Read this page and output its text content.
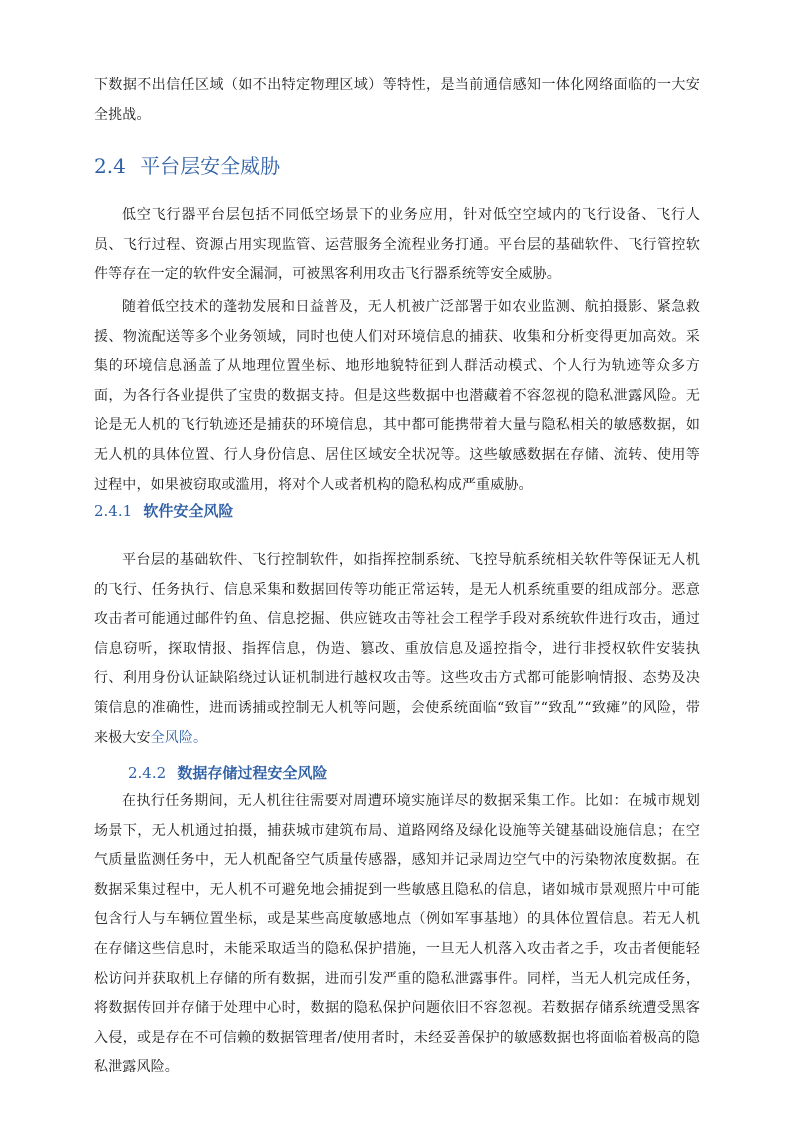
下数据不出信任区域（如不出特定物理区域）等特性，是当前通信感知一体化网络面临的一大安全挑战。

2.4 平台层安全威胁

低空飞行器平台层包括不同低空场景下的业务应用，针对低空空域内的飞行设备、飞行人员、飞行过程、资源占用实现监管、运营服务全流程业务打通。平台层的基础软件、飞行管控软件等存在一定的软件安全漏洞，可被黑客利用攻击飞行器系统等安全威胁。

随着低空技术的蓬勃发展和日益普及，无人机被广泛部署于如农业监测、航拍摄影、紧急救援、物流配送等多个业务领域，同时也使人们对环境信息的捕获、收集和分析变得更加高效。采集的环境信息涵盖了从地理位置坐标、地形地貌特征到人群活动模式、个人行为轨迹等众多方面，为各行各业提供了宝贵的数据支持。但是这些数据中也潜藏着不容忽视的隐私泄露风险。无论是无人机的飞行轨迹还是捕获的环境信息，其中都可能携带着大量与隐私相关的敏感数据，如无人机的具体位置、行人身份信息、居住区域安全状况等。这些敏感数据在存储、流转、使用等过程中，如果被窃取或滥用，将对个人或者机构的隐私构成严重威胁。

2.4.1 软件安全风险

平台层的基础软件、飞行控制软件，如指挥控制系统、飞控导航系统相关软件等保证无人机的飞行、任务执行、信息采集和数据回传等功能正常运转，是无人机系统重要的组成部分。恶意攻击者可能通过邮件钓鱼、信息挖掘、供应链攻击等社会工程学手段对系统软件进行攻击，通过信息窃听，探取情报、指挥信息，伪造、篡改、重放信息及遥控指令，进行非授权软件安装执行、利用身份认证缺陷绕过认证机制进行越权攻击等。这些攻击方式都可能影响情报、态势及决策信息的准确性，进而诱捕或控制无人机等问题，会使系统面临“致盲”“致乱”“致瘫”的风险，带来极大安全风险。

2.4.2 数据存储过程安全风险

在执行任务期间，无人机往往需要对周遭环境实施详尽的数据采集工作。比如：在城市规划场景下，无人机通过拍摄，捕获城市建筑布局、道路网络及绿化设施等关键基础设施信息；在空气质量监测任务中，无人机配备空气质量传感器，感知并记录周边空气中的污染物浓度数据。在数据采集过程中，无人机不可避免地会捕捉到一些敏感且隐私的信息，诸如城市景观照片中可能包含行人与车辆位置坐标，或是某些高度敏感地点（例如军事基地）的具体位置信息。若无人机在存储这些信息时，未能采取适当的隐私保护措施，一旦无人机落入攻击者之手，攻击者便能轻松访问并获取机上存储的所有数据，进而引发严重的隐私泄露事件。同样，当无人机完成任务，将数据传回并存储于处理中心时，数据的隐私保护问题依旧不容忽视。若数据存储系统遭受黑客入侵，或是存在不可信赖的数据管理者/使用者时，未经妥善保护的敏感数据也将面临着极高的隐私泄露风险。
